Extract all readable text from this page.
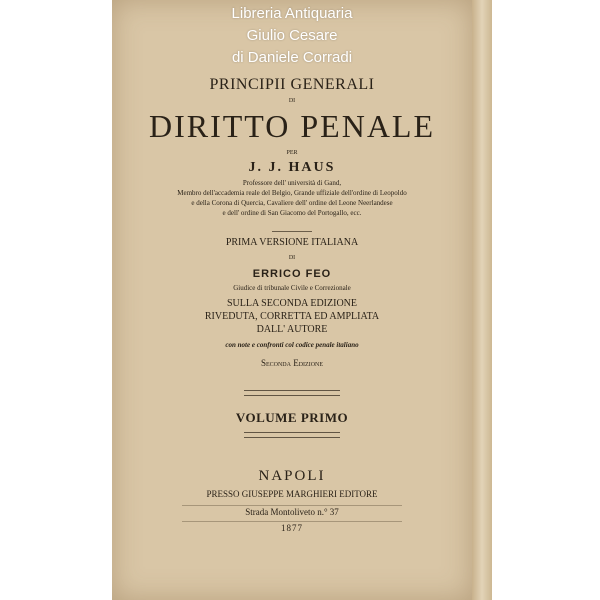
Libreria Antiquaria
Giulio Cesare
di Daniele Corradi
PRINCIPII GENERALI
DI
DIRITTO PENALE
PER
J. J. HAUS
Professore dell' università di Gand,
Membro dell'accademia reale del Belgio, Grande uffiziale dell'ordine di Leopoldo
e della Corona di Quercia, Cavaliere dell' ordine del Leone Neerlandese
e dell' ordine di San Giacomo del Portogallo, ecc.
PRIMA VERSIONE ITALIANA
DI
ERRICO FEO
Giudice di tribunale Civile e Correzionale
SULLA SECONDA EDIZIONE
RIVEDUTA, CORRETTA ED AMPLIATA
DALL' AUTORE
con note e confronti col codice penale italiano
Seconda Edizione
VOLUME PRIMO
NAPOLI
PRESSO GIUSEPPE MARGHIERI EDITORE
Strada Montoliveto n.° 37
1877
